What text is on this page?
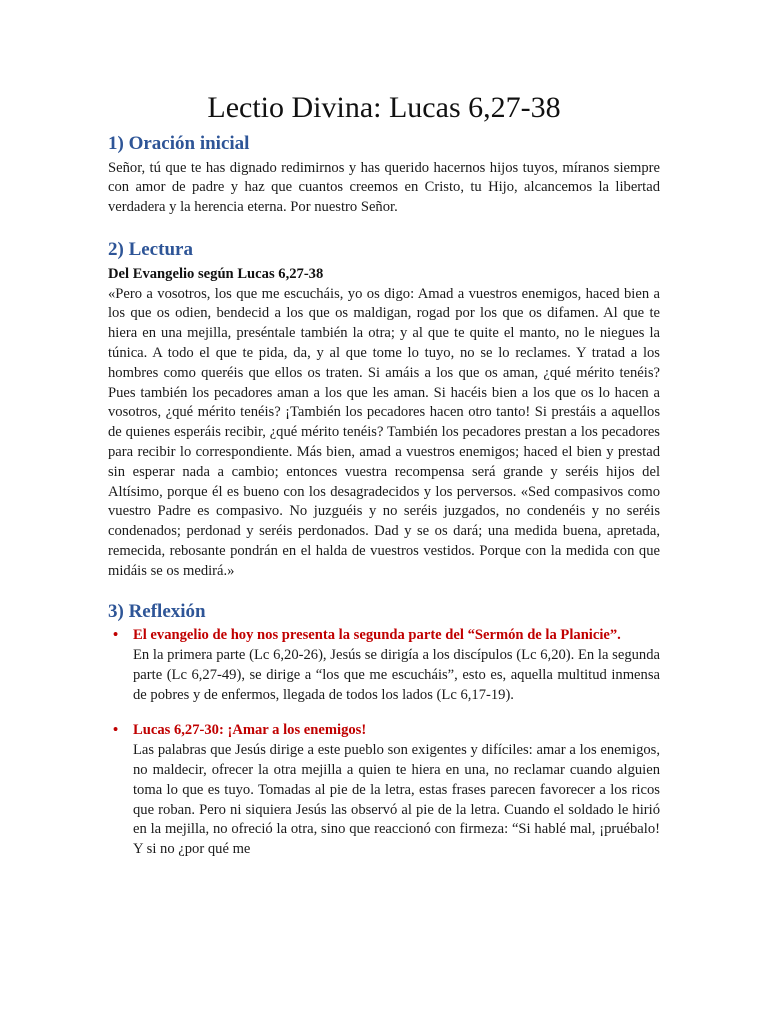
Lectio Divina: Lucas 6,27-38
1) Oración inicial

Señor, tú que te has dignado redimirnos y has querido hacernos hijos tuyos, míranos siempre con amor de padre y haz que cuantos creemos en Cristo, tu Hijo, alcancemos la libertad verdadera y la herencia eterna. Por nuestro Señor.

2) Lectura

Del Evangelio según Lucas 6,27-38

«Pero a vosotros, los que me escucháis, yo os digo: Amad a vuestros enemigos, haced bien a los que os odien, bendecid a los que os maldigan, rogad por los que os difamen. Al que te hiera en una mejilla, preséntale también la otra; y al que te quite el manto, no le niegues la túnica. A todo el que te pida, da, y al que tome lo tuyo, no se lo reclames. Y tratad a los hombres como queréis que ellos os traten. Si amáis a los que os aman, ¿qué mérito tenéis? Pues también los pecadores aman a los que les aman. Si hacéis bien a los que os lo hacen a vosotros, ¿qué mérito tenéis? ¡También los pecadores hacen otro tanto! Si prestáis a aquellos de quienes esperáis recibir, ¿qué mérito tenéis? También los pecadores prestan a los pecadores para recibir lo correspondiente. Más bien, amad a vuestros enemigos; haced el bien y prestad sin esperar nada a cambio; entonces vuestra recompensa será grande y seréis hijos del Altísimo, porque él es bueno con los desagradecidos y los perversos. «Sed compasivos como vuestro Padre es compasivo. No juzguéis y no seréis juzgados, no condenéis y no seréis condenados; perdonad y seréis perdonados. Dad y se os dará; una medida buena, apretada, remecida, rebosante pondrán en el halda de vuestros vestidos. Porque con la medida con que midáis se os medirá.»

3) Reflexión
• El evangelio de hoy nos presenta la segunda parte del “Sermón de la Planicie”.

En la primera parte (Lc 6,20-26), Jesús se dirigía a los discípulos (Lc 6,20). En la segunda parte (Lc 6,27-49), se dirige a “los que me escucháis”, esto es, aquella multitud inmensa de pobres y de enfermos, llegada de todos los lados (Lc 6,17-19).

• Lucas 6,27-30: ¡Amar a los enemigos!

Las palabras que Jesús dirige a este pueblo son exigentes y difíciles: amar a los enemigos, no maldecir, ofrecer la otra mejilla a quien te hiera en una, no reclamar cuando alguien toma lo que es tuyo. Tomadas al pie de la letra, estas frases parecen favorecer a los ricos que roban. Pero ni siquiera Jesús las observó al pie de la letra. Cuando el soldado le hirió en la mejilla, no ofreció la otra, sino que reaccionó con firmeza: “Si hablé mal, ¡pruébalo! Y si no ¿por qué me
